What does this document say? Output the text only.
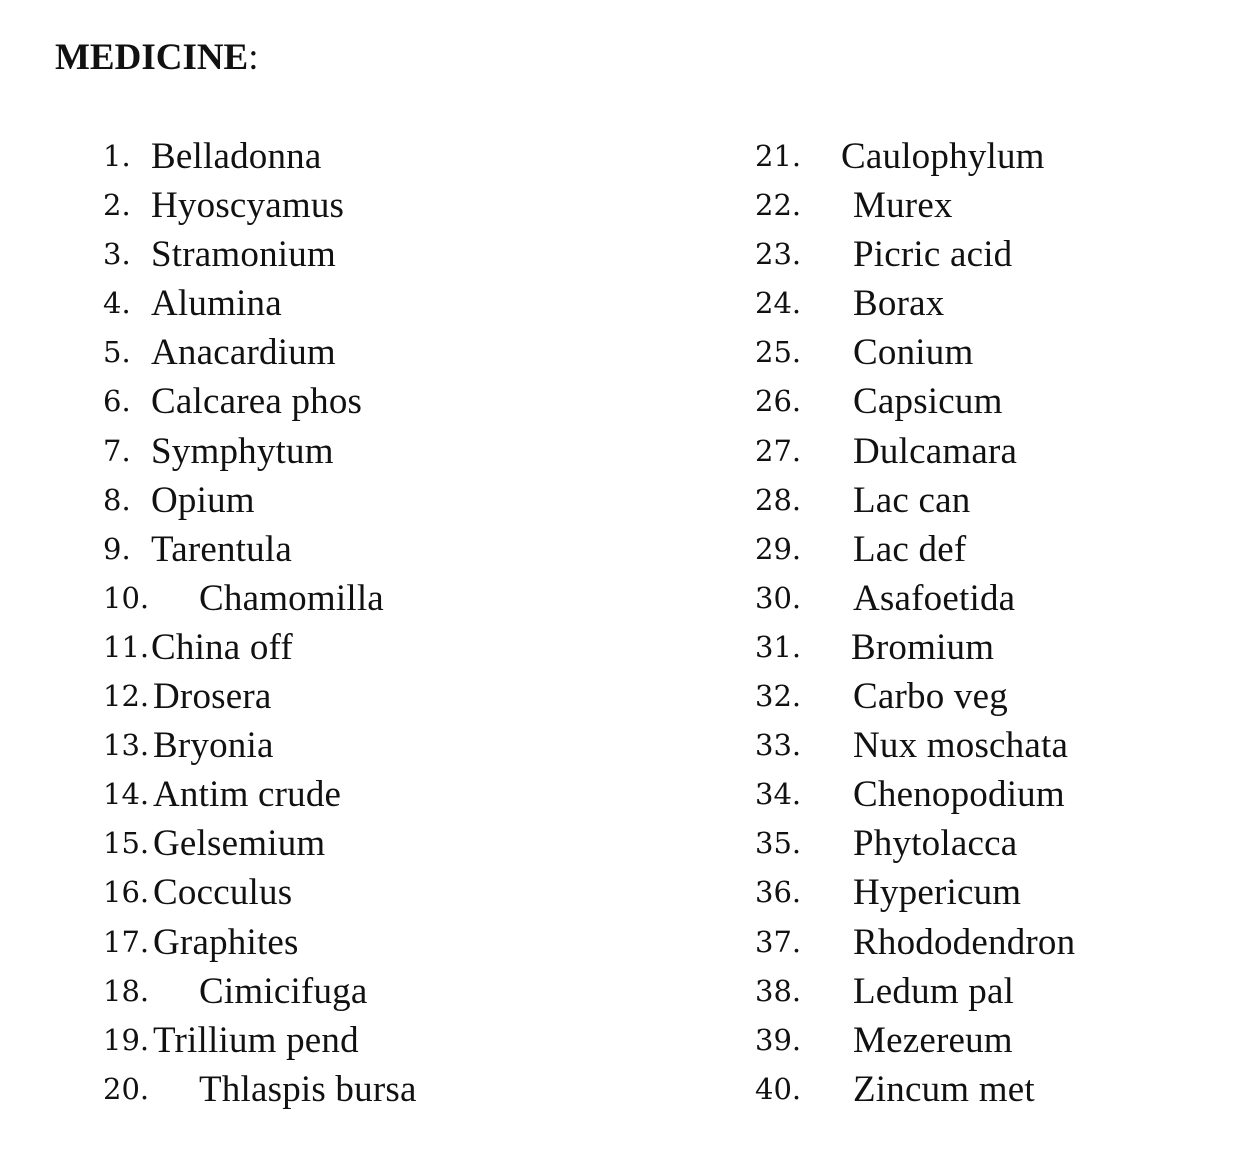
MEDICINE:
1. Belladonna
2. Hyoscyamus
3. Stramonium
4. Alumina
5. Anacardium
6. Calcarea phos
7. Symphytum
8. Opium
9. Tarentula
10. Chamomilla
11. China off
12. Drosera
13. Bryonia
14. Antim crude
15. Gelsemium
16. Cocculus
17. Graphites
18. Cimicifuga
19. Trillium pend
20. Thlaspis bursa
21. Caulophylum
22. Murex
23. Picric acid
24. Borax
25. Conium
26. Capsicum
27. Dulcamara
28. Lac can
29. Lac def
30. Asafoetida
31. Bromium
32. Carbo veg
33. Nux moschata
34. Chenopodium
35. Phytolacca
36. Hypericum
37. Rhododendron
38. Ledum pal
39. Mezereum
40. Zincum met
